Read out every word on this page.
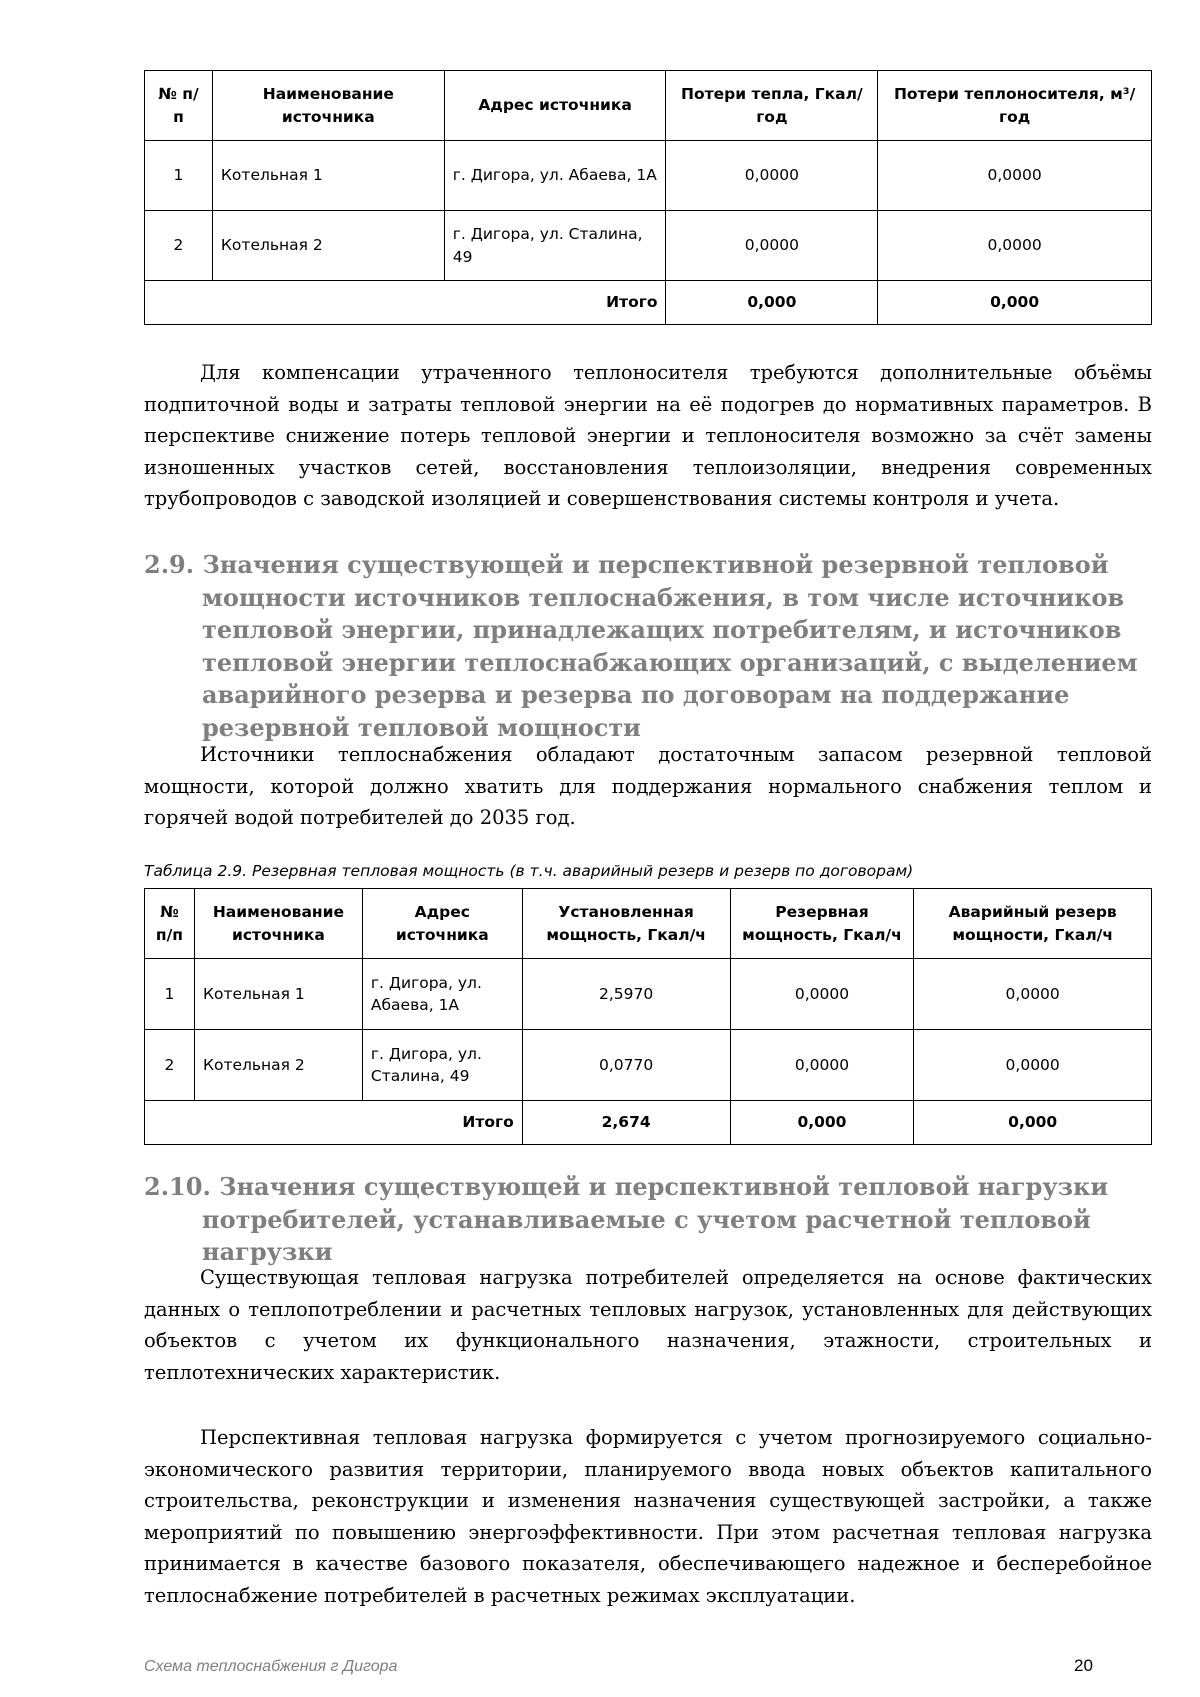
№ п/п	Наименование источника	Адрес источника	Потери тепла, Гкал/год	Потери теплоносителя, м³/год
1	Котельная 1	г. Дигора, ул. Абаева, 1А	0,0000	0,0000
2	Котельная 2	г. Дигора, ул. Сталина, 49	0,0000	0,0000
Итого			0,000	0,000

Для компенсации утраченного теплоносителя требуются дополнительные объёмы подпиточной воды и затраты тепловой энергии на её подогрев до нормативных параметров. В перспективе снижение потерь тепловой энергии и теплоносителя возможно за счёт замены изношенных участков сетей, восстановления теплоизоляции, внедрения современных трубопроводов с заводской изоляцией и совершенствования системы контроля и учета.

2.9. Значения существующей и перспективной резервной тепловой мощности источников теплоснабжения, в том числе источников тепловой энергии, принадлежащих потребителям, и источников тепловой энергии теплоснабжающих организаций, с выделением аварийного резерва и резерва по договорам на поддержание резервной тепловой мощности

Источники теплоснабжения обладают достаточным запасом резервной тепловой мощности, которой должно хватить для поддержания нормального снабжения теплом и горячей водой потребителей до 2035 год.

Таблица 2.9. Резервная тепловая мощность (в т.ч. аварийный резерв и резерв по договорам)

№ п/п	Наименование источника	Адрес источника	Установленная мощность, Гкал/ч	Резервная мощность, Гкал/ч	Аварийный резерв мощности, Гкал/ч
1	Котельная 1	г. Дигора, ул. Абаева, 1А	2,5970	0,0000	0,0000
2	Котельная 2	г. Дигора, ул. Сталина, 49	0,0770	0,0000	0,0000
Итого			2,674	0,000	0,000

2.10. Значения существующей и перспективной тепловой нагрузки потребителей, устанавливаемые с учетом расчетной тепловой нагрузки

Существующая тепловая нагрузка потребителей определяется на основе фактических данных о теплопотреблении и расчетных тепловых нагрузок, установленных для действующих объектов с учетом их функционального назначения, этажности, строительных и теплотехнических характеристик.

Перспективная тепловая нагрузка формируется с учетом прогнозируемого социально-экономического развития территории, планируемого ввода новых объектов капитального строительства, реконструкции и изменения назначения существующей застройки, а также мероприятий по повышению энергоэффективности. При этом расчетная тепловая нагрузка принимается в качестве базового показателя, обеспечивающего надежное и бесперебойное теплоснабжение потребителей в расчетных режимах эксплуатации.

Схема теплоснабжения г Дигора	20
